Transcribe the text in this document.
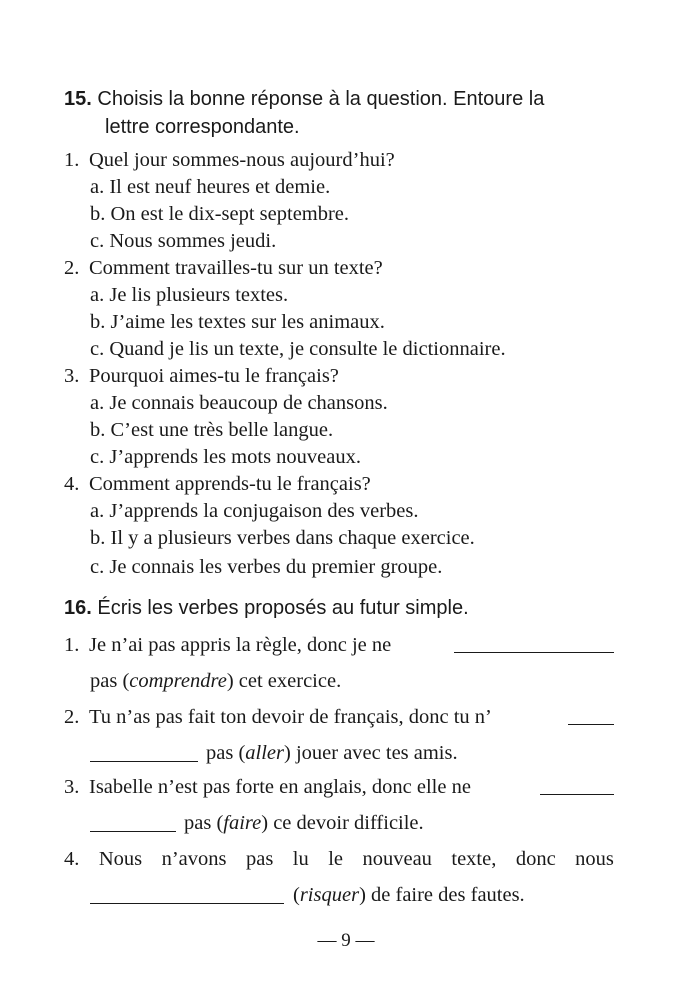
15. Choisis la bonne réponse à la question. Entoure la
lettre correspondante.
1. Quel jour sommes-nous aujourd’hui?
a. Il est neuf heures et demie.
b. On est le dix-sept septembre.
c. Nous sommes jeudi.
2. Comment travailles-tu sur un texte?
a. Je lis plusieurs textes.
b. J’aime les textes sur les animaux.
c. Quand je lis un texte, je consulte le dictionnaire.
3. Pourquoi aimes-tu le français?
a. Je connais beaucoup de chansons.
b. C’est une très belle langue.
c. J’apprends les mots nouveaux.
4. Comment apprends-tu le français?
a. J’apprends la conjugaison des verbes.
b. Il y a plusieurs verbes dans chaque exercice.
c. Je connais les verbes du premier groupe.
16. Écris les verbes proposés au futur simple.
1. Je n’ai pas appris la règle, donc je ne
pas (comprendre) cet exercice.
2. Tu n’as pas fait ton devoir de français, donc tu n’
pas (aller) jouer avec tes amis.
3. Isabelle n’est pas forte en anglais, donc elle ne
pas (faire) ce devoir difficile.
4. Nous n’avons pas lu le nouveau texte, donc nous
(risquer) de faire des fautes.
— 9 —
